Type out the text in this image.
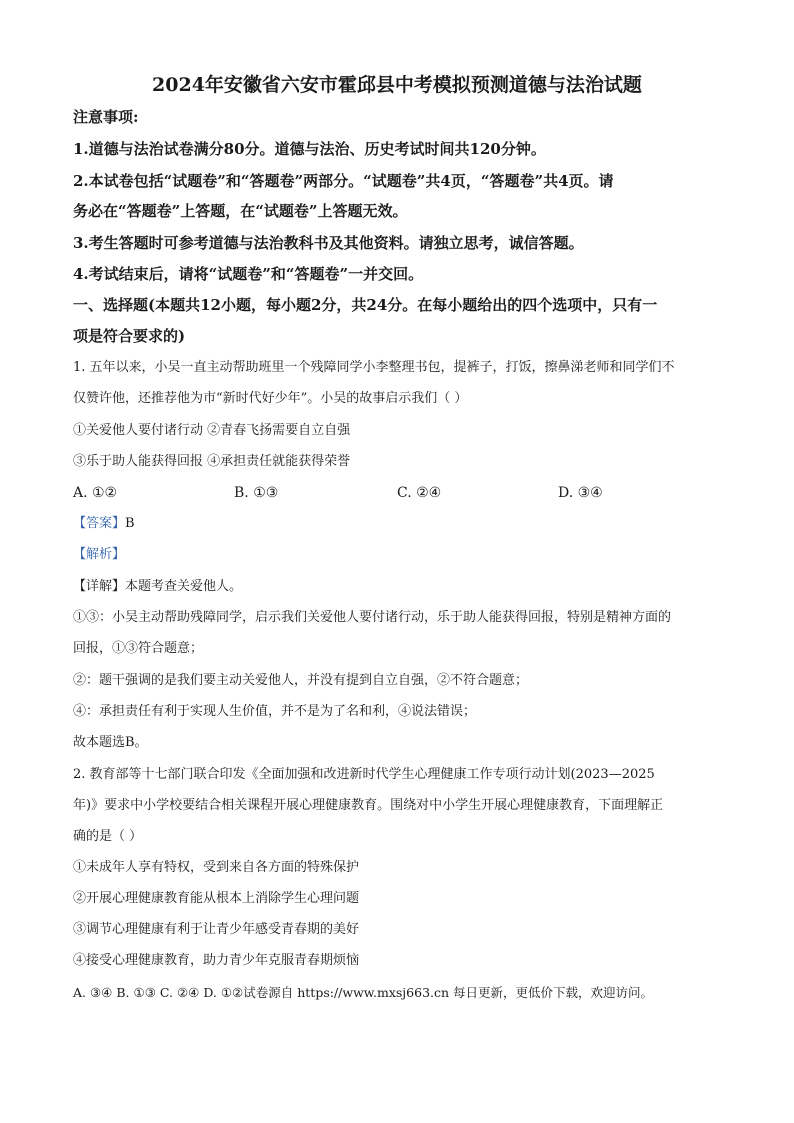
2024年安徽省六安市霍邱县中考模拟预测道德与法治试题
注意事项:
1.道德与法治试卷满分80分。道德与法治、历史考试时间共120分钟。
2.本试卷包括“试题卷”和“答题卷”两部分。“试题卷”共4页，“答题卷”共4页。请
务必在“答题卷”上答题，在“试题卷”上答题无效。
3.考生答题时可参考道德与法治教科书及其他资料。请独立思考，诚信答题。
4.考试结束后，请将“试题卷”和“答题卷”一并交回。
一、选择题(本题共12小题，每小题2分，共24分。在每小题给出的四个选项中，只有一
项是符合要求的)
1. 五年以来，小吴一直主动帮助班里一个残障同学小李整理书包，提裤子，打饭，擦鼻涕老师和同学们不
仅赞许他，还推荐他为市“新时代好少年”。小吴的故事启示我们（ ）
①关爱他人要付诸行动 ②青春飞扬需要自立自强
③乐于助人能获得回报 ④承担责任就能获得荣誉
A. ①②	B. ①③	C. ②④	D. ③④
【答案】B
【解析】
【详解】本题考查关爱他人。
①③：小吴主动帮助残障同学，启示我们关爱他人要付诸行动，乐于助人能获得回报，特别是精神方面的
回报，①③符合题意；
②：题干强调的是我们要主动关爱他人，并没有提到自立自强，②不符合题意；
④：承担责任有利于实现人生价值，并不是为了名和利，④说法错误；
故本题选B。
2. 教育部等十七部门联合印发《全面加强和改进新时代学生心理健康工作专项行动计划(2023—2025
年)》要求中小学校要结合相关课程开展心理健康教育。围绕对中小学生开展心理健康教育，下面理解正
确的是（ ）
①未成年人享有特权，受到来自各方面的特殊保护
②开展心理健康教育能从根本上消除学生心理问题
③调节心理健康有利于让青少年感受青春期的美好
④接受心理健康教育，助力青少年克服青春期烦恼
A. ③④ B. ①③ C. ②④ D. ①②试卷源自 https://www.mxsj663.cn 每日更新，更低价下载，欢迎访问。
